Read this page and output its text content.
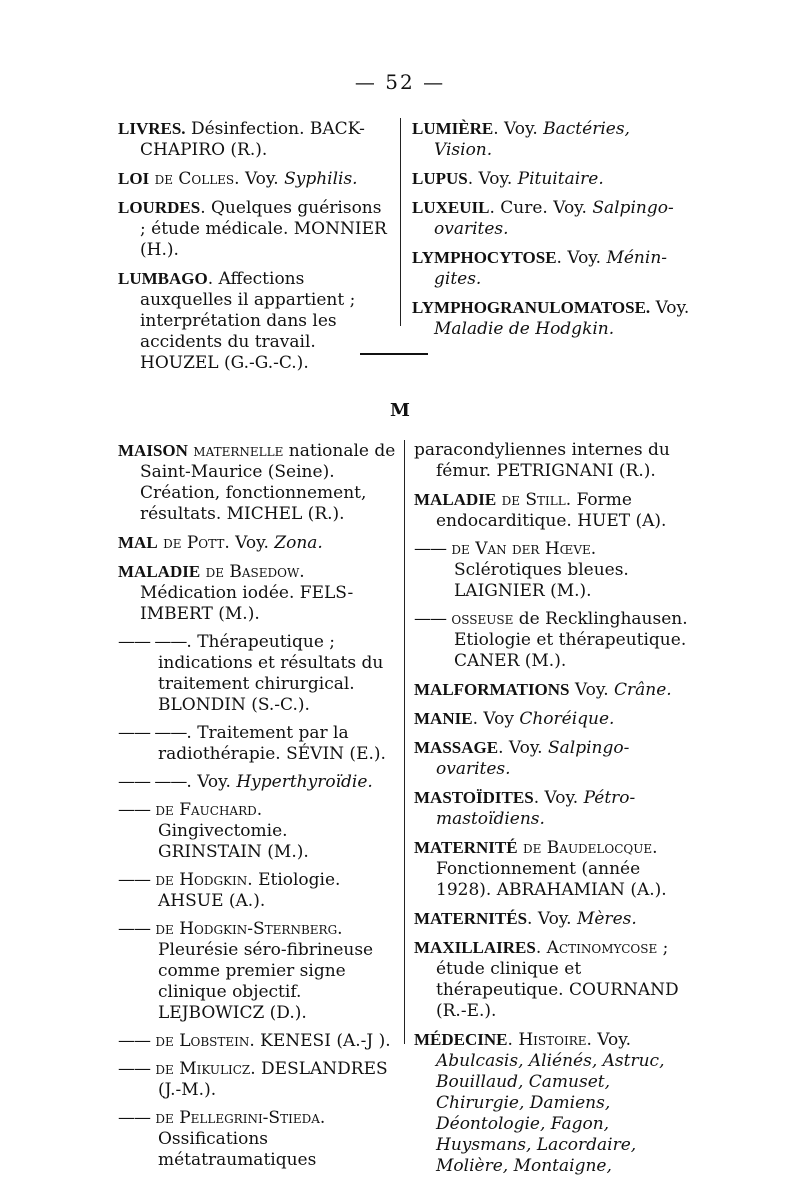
— 52 —
LIVRES. Désinfection. BACK-CHAPIRO (R.).
LOI de Colles. Voy. Syphilis.
LOURDES. Quelques guérisons ; étude médicale. MONNIER (H.).
LUMBAGO. Affections auxquelles il appartient ; interprétation dans les accidents du travail. HOUZEL (G.-G.-C.).
LUMIÈRE. Voy. Bactéries, Vision.
LUPUS. Voy. Pituitaire.
LUXEUIL. Cure. Voy. Salpingo-ovarites.
LYMPHOCYTOSE. Voy. Ménin-gites.
LYMPHOGRANULOMATOSE. Voy. Maladie de Hodgkin.
M
MAISON maternelle nationale de Saint-Maurice (Seine). Création, fonctionnement, résultats. MICHEL (R.).
MAL de Pott. Voy. Zona.
MALADIE de Basedow. Médication iodée. FELS-IMBERT (M.).
—— ——. Thérapeutique ; indications et résultats du traitement chirurgical. BLONDIN (S.-C.).
—— ——. Traitement par la radiothérapie. SÉVIN (E.).
—— ——. Voy. Hyperthyroïdie.
—— de Fauchard. Gingivectomie. GRINSTAIN (M.).
—— de Hodgkin. Etiologie. AHSUE (A.).
—— de Hodgkin-Sternberg. Pleurésie séro-fibrineuse comme premier signe clinique objectif. LEJBOWICZ (D.).
—— de Lobstein. KENESI (A.-J ).
—— de Mikulicz. DESLANDRES (J.-M.).
—— de Pellegrini-Stieda. Ossifications métatraumatiques
paracondyliennes internes du fémur. PETRIGNANI (R.).
MALADIE de Still. Forme endocarditique. HUET (A).
—— de Van der Hœve. Sclérotiques bleues. LAIGNIER (M.).
—— osseuse de Recklinghausen. Etiologie et thérapeutique. CANER (M.).
MALFORMATIONS Voy. Crâne.
MANIE. Voy Choréique.
MASSAGE. Voy. Salpingo-ovarites.
MASTOÏDITES. Voy. Pétro-mastoïdiens.
MATERNITÉ de Baudelocque. Fonctionnement (année 1928). ABRAHAMIAN (A.).
MATERNITÉS. Voy. Mères.
MAXILLAIRES. Actinomycose ; étude clinique et thérapeutique. COURNAND (R.-E.).
MÉDECINE. Histoire. Voy. Abulcasis, Aliénés, Astruc, Bouillaud, Camuset, Chirurgie, Damiens, Déontologie, Fagon, Huysmans, Lacordaire, Molière, Montaigne,
